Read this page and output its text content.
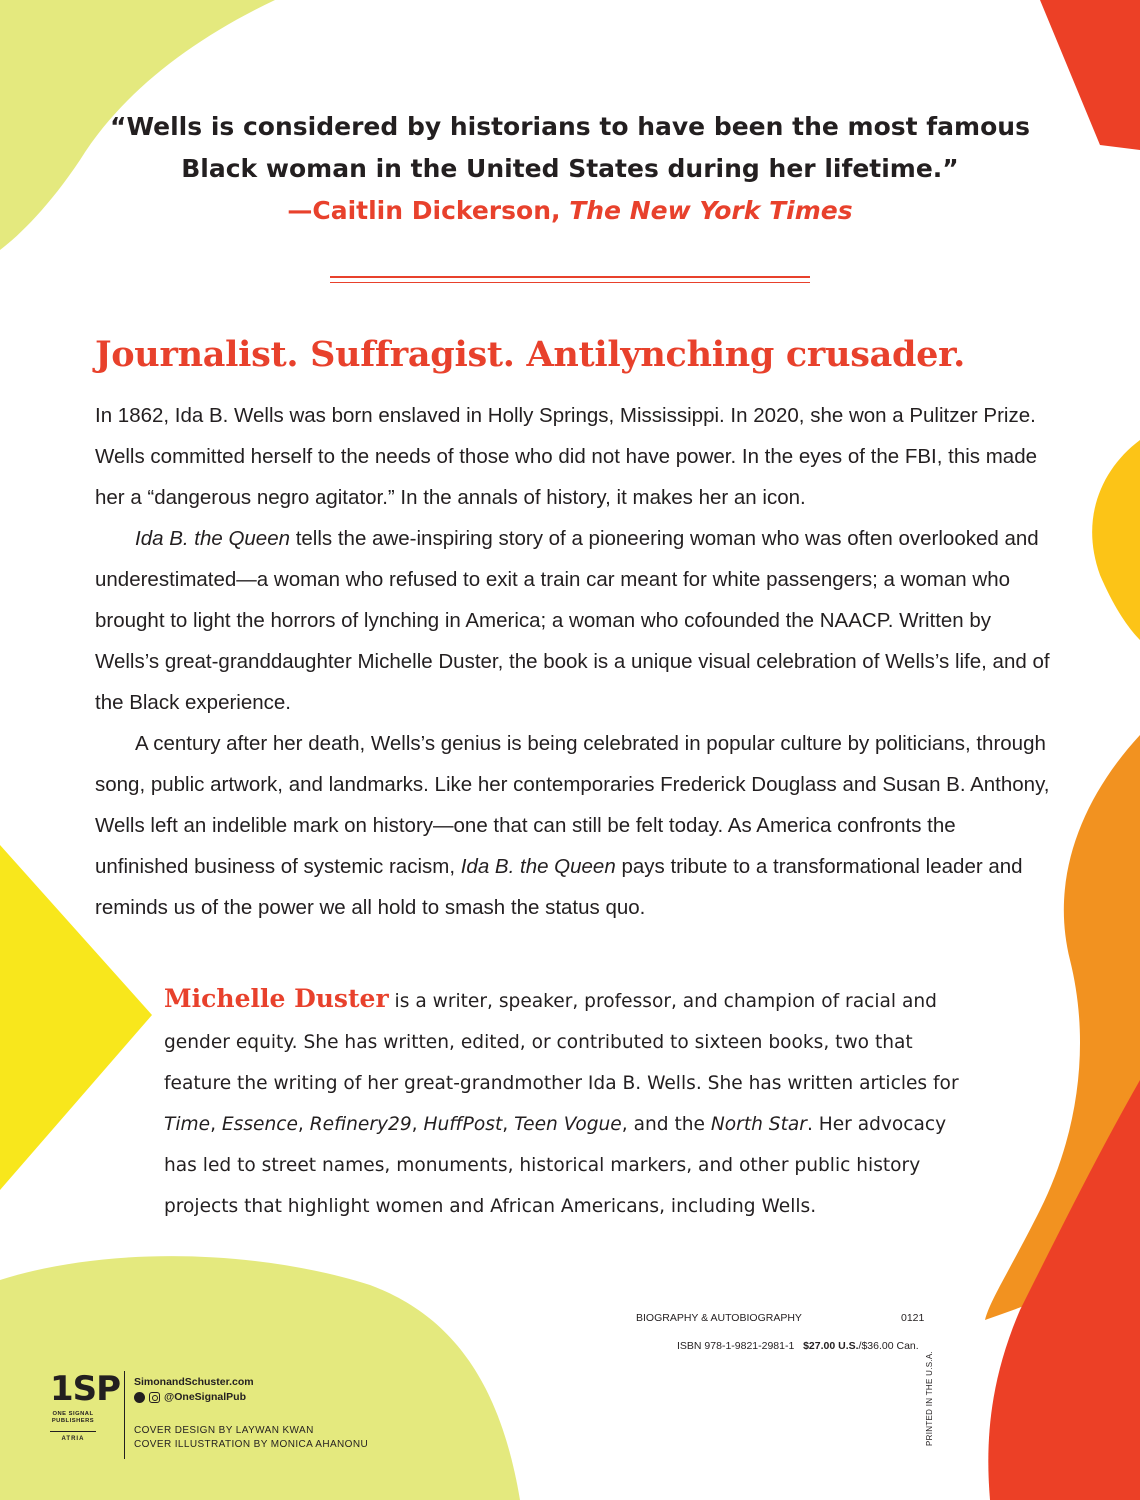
“Wells is considered by historians to have been the most famous
Black woman in the United States during her lifetime.”
—Caitlin Dickerson, The New York Times
Journalist. Suffragist. Antilynching crusader.

In 1862, Ida B. Wells was born enslaved in Holly Springs, Mississippi. In 2020, she won a Pulitzer Prize. Wells committed herself to the needs of those who did not have power. In the eyes of the FBI, this made her a “dangerous negro agitator.” In the annals of history, it makes her an icon.

Ida B. the Queen tells the awe-inspiring story of a pioneering woman who was often overlooked and underestimated—a woman who refused to exit a train car meant for white passengers; a woman who brought to light the horrors of lynching in America; a woman who cofounded the NAACP. Written by Wells’s great-granddaughter Michelle Duster, the book is a unique visual celebration of Wells’s life, and of the Black experience.

A century after her death, Wells’s genius is being celebrated in popular culture by politicians, through song, public artwork, and landmarks. Like her contemporaries Frederick Douglass and Susan B. Anthony, Wells left an indelible mark on history—one that can still be felt today. As America confronts the unfinished business of systemic racism, Ida B. the Queen pays tribute to a transformational leader and reminds us of the power we all hold to smash the status quo.

Michelle Duster is a writer, speaker, professor, and champion of racial and gender equity. She has written, edited, or contributed to sixteen books, two that feature the writing of her great-grandmother Ida B. Wells. She has written articles for Time, Essence, Refinery29, HuffPost, Teen Vogue, and the North Star. Her advocacy has led to street names, monuments, historical markers, and other public history projects that highlight women and African Americans, including Wells.
BIOGRAPHY & AUTOBIOGRAPHY	0121
ISBN 978-1-9821-2981-1 $27.00 U.S./$36.00 Can.
1SP
ONE SIGNAL PUBLISHERS
ATRIA
SimonandSchuster.com
@OneSignalPub
COVER DESIGN BY LAYWAN KWAN
COVER ILLUSTRATION BY MONICA AHANONU	PRINTED IN THE U.S.A.
